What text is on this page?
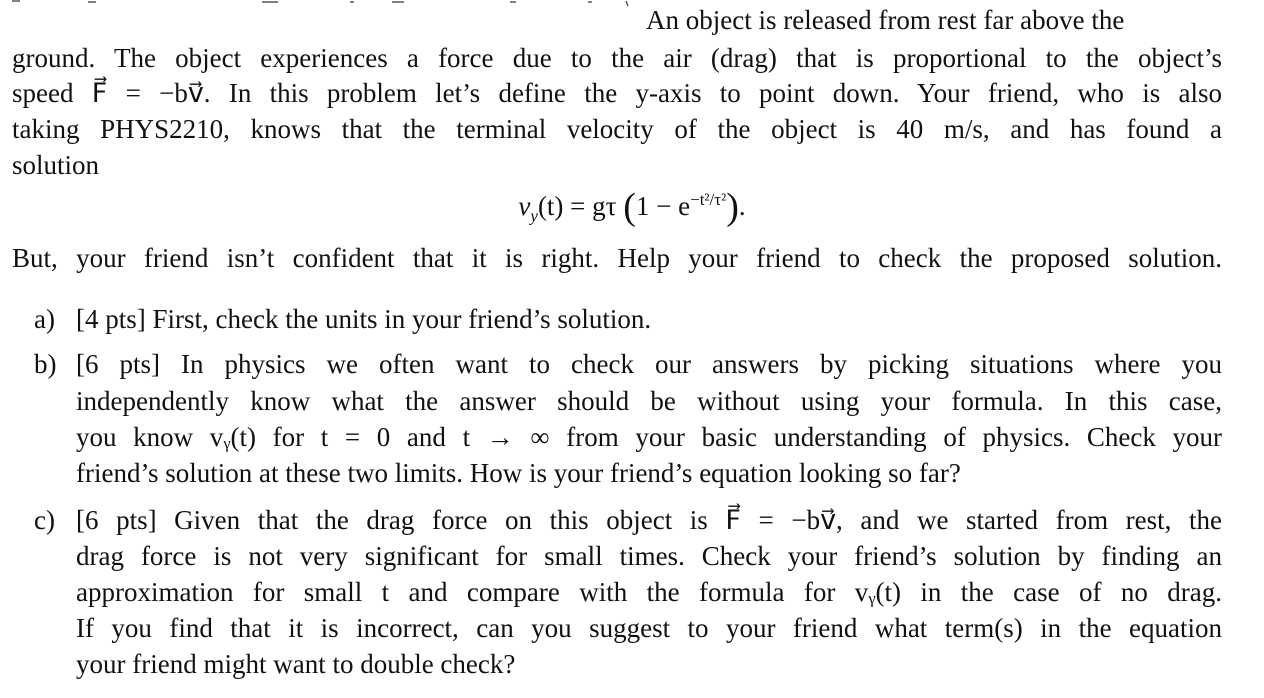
An object is released from rest far above the
ground. The object experiences a force due to the air (drag) that is proportional to the object’s
speed F⃗ = −bv⃗. In this problem let’s define the y-axis to point down. Your friend, who is also
taking PHYS2210, knows that the terminal velocity of the object is 40 m/s, and has found a
solution
$v_y(t) = g\tau$ $(1 - e^{-t^2/\tau^2})$.
But, your friend isn’t confident that it is right. Help your friend to check the proposed solution.
a) [4 pts] First, check the units in your friend’s solution.
b) [6 pts] In physics we often want to check our answers by picking situations where you
independently know what the answer should be without using your formula. In this case,
you know vᵧ(t) for t = 0 and t → ∞ from your basic understanding of physics. Check your
friend’s solution at these two limits. How is your friend’s equation looking so far?
c) [6 pts] Given that the drag force on this object is F⃗ = −bv⃗, and we started from rest, the
drag force is not very significant for small times. Check your friend’s solution by finding an
approximation for small t and compare with the formula for vᵧ(t) in the case of no drag.
If you find that it is incorrect, can you suggest to your friend what term(s) in the equation
your friend might want to double check?
